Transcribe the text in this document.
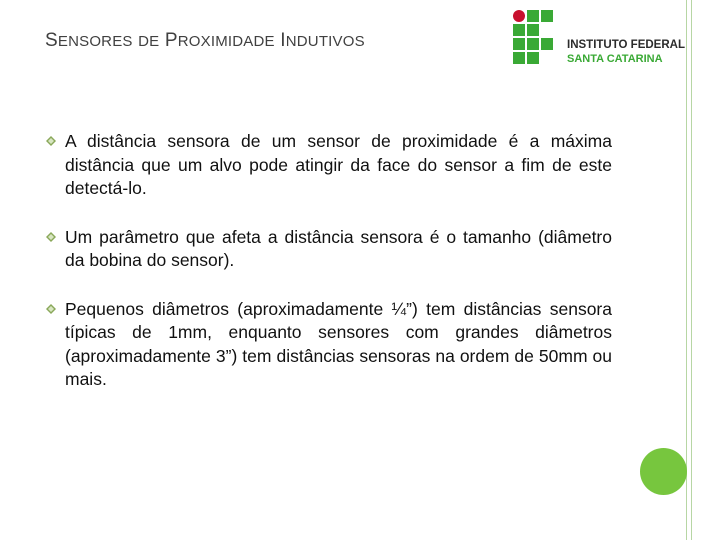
SENSORES DE PROXIMIDADE INDUTIVOS	INSTITUTO FEDERAL
SANTA CATARINA
A distância sensora de um sensor de proximidade é a máxima distância que um alvo pode atingir da face do sensor a fim de este detectá-lo.
Um parâmetro que afeta a distância sensora é o tamanho (diâmetro da bobina do sensor).
Pequenos diâmetros (aproximadamente ¼”) tem distâncias sensora típicas de 1mm, enquanto sensores com grandes diâmetros (aproximadamente 3”) tem distâncias sensoras na ordem de 50mm ou mais.
